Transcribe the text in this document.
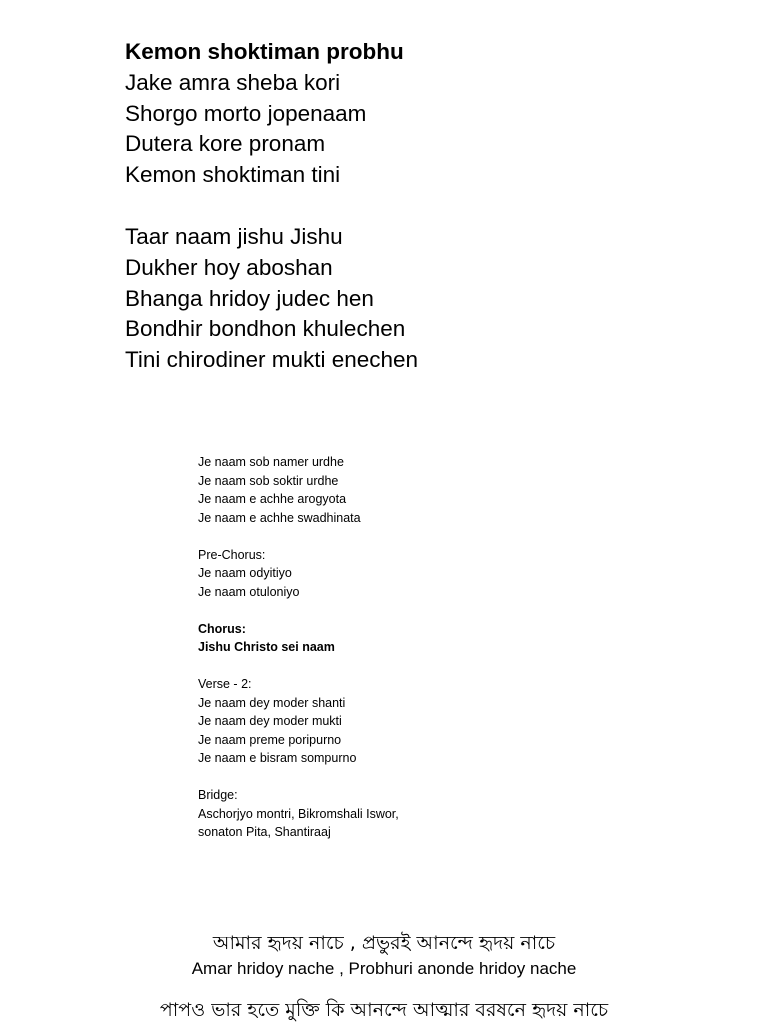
Kemon shoktiman probhu
Jake amra sheba kori
Shorgo morto jopenaam
Dutera kore pronam
Kemon shoktiman tini
Taar naam jishu Jishu
Dukher hoy aboshan
Bhanga hridoy judec hen
Bondhir bondhon khulechen
Tini chirodiner mukti enechen
Je naam sob namer urdhe
Je naam sob soktir urdhe
Je naam e achhe arogyota
Je naam e achhe swadhinata
Pre-Chorus:
Je naam odyitiyo
Je naam otuloniyo
Chorus:
Jishu Christo sei naam
Verse - 2:
Je naam dey moder shanti
Je naam dey moder mukti
Je naam preme poripurno
Je naam e bisram sompurno
Bridge:
Aschorjyo montri, Bikromshali Iswor,
sonaton Pita, Shantiraaj
আমার হৃদয় নাচে , প্রভুরই আনন্দে হৃদয় নাচে
Amar hridoy nache , Probhuri anonde hridoy nache
পাপও ভার হতে মুক্তি কি আনন্দে আত্মার বরষনে হৃদয় নাচে
